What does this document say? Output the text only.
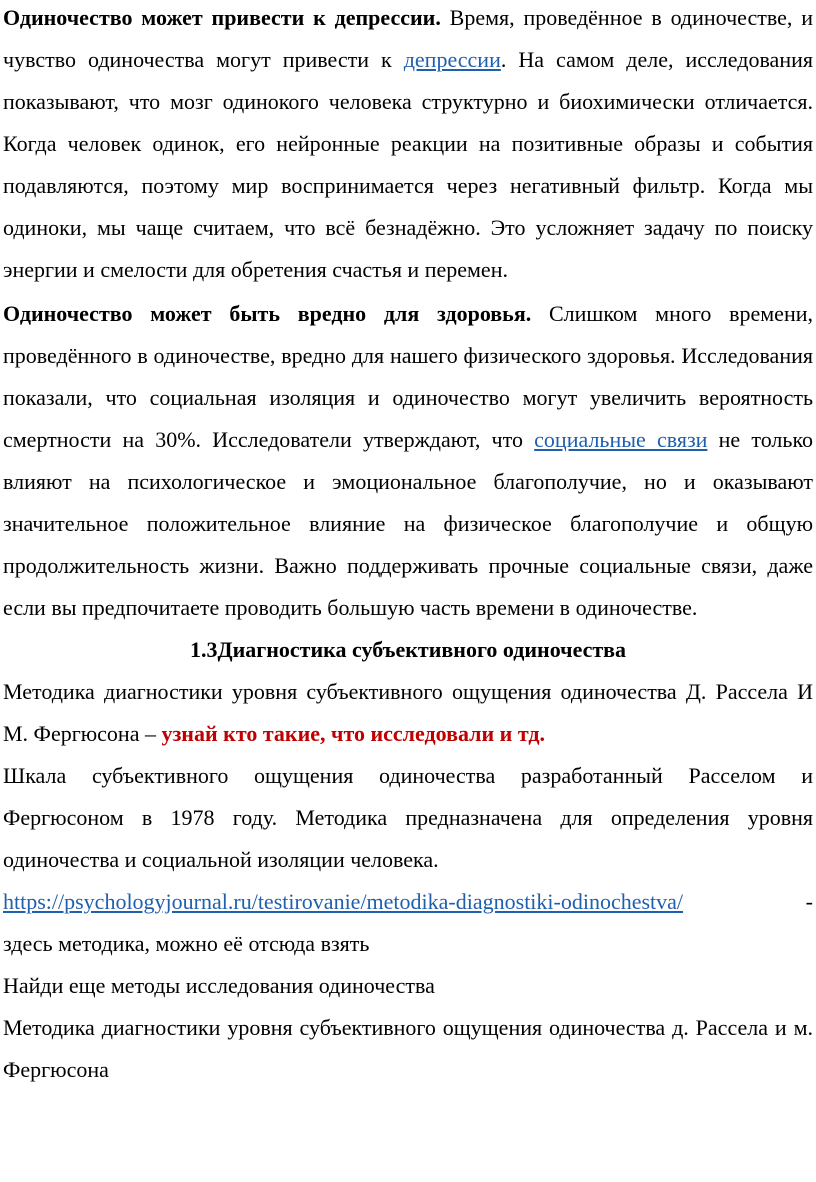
Одиночество может привести к депрессии. Время, проведённое в одиночестве, и чувство одиночества могут привести к депрессии. На самом деле, исследования показывают, что мозг одинокого человека структурно и биохимически отличается. Когда человек одинок, его нейронные реакции на позитивные образы и события подавляются, поэтому мир воспринимается через негативный фильтр. Когда мы одиноки, мы чаще считаем, что всё безнадёжно. Это усложняет задачу по поиску энергии и смелости для обретения счастья и перемен.

Одиночество может быть вредно для здоровья. Слишком много времени, проведённого в одиночестве, вредно для нашего физического здоровья. Исследования показали, что социальная изоляция и одиночество могут увеличить вероятность смертности на 30%. Исследователи утверждают, что социальные связи не только влияют на психологическое и эмоциональное благополучие, но и оказывают значительное положительное влияние на физическое благополучие и общую продолжительность жизни. Важно поддерживать прочные социальные связи, даже если вы предпочитаете проводить большую часть времени в одиночестве.

1.3Диагностика субъективного одиночества

Методика диагностики уровня субъективного ощущения одиночества Д. Рассела И М. Фергюсона – узнай кто такие, что исследовали и тд.

Шкала субъективного ощущения одиночества разработанный Расселом и Фергюсоном в 1978 году. Методика предназначена для определения уровня одиночества и социальной изоляции человека.

https://psychologyjournal.ru/testirovanie/metodika-diagnostiki-odinochestva/	-

здесь методика, можно её отсюда взять

Найди еще методы исследования одиночества

Методика диагностики уровня субъективного ощущения одиночества д. Рассела и м. Фергюсона
